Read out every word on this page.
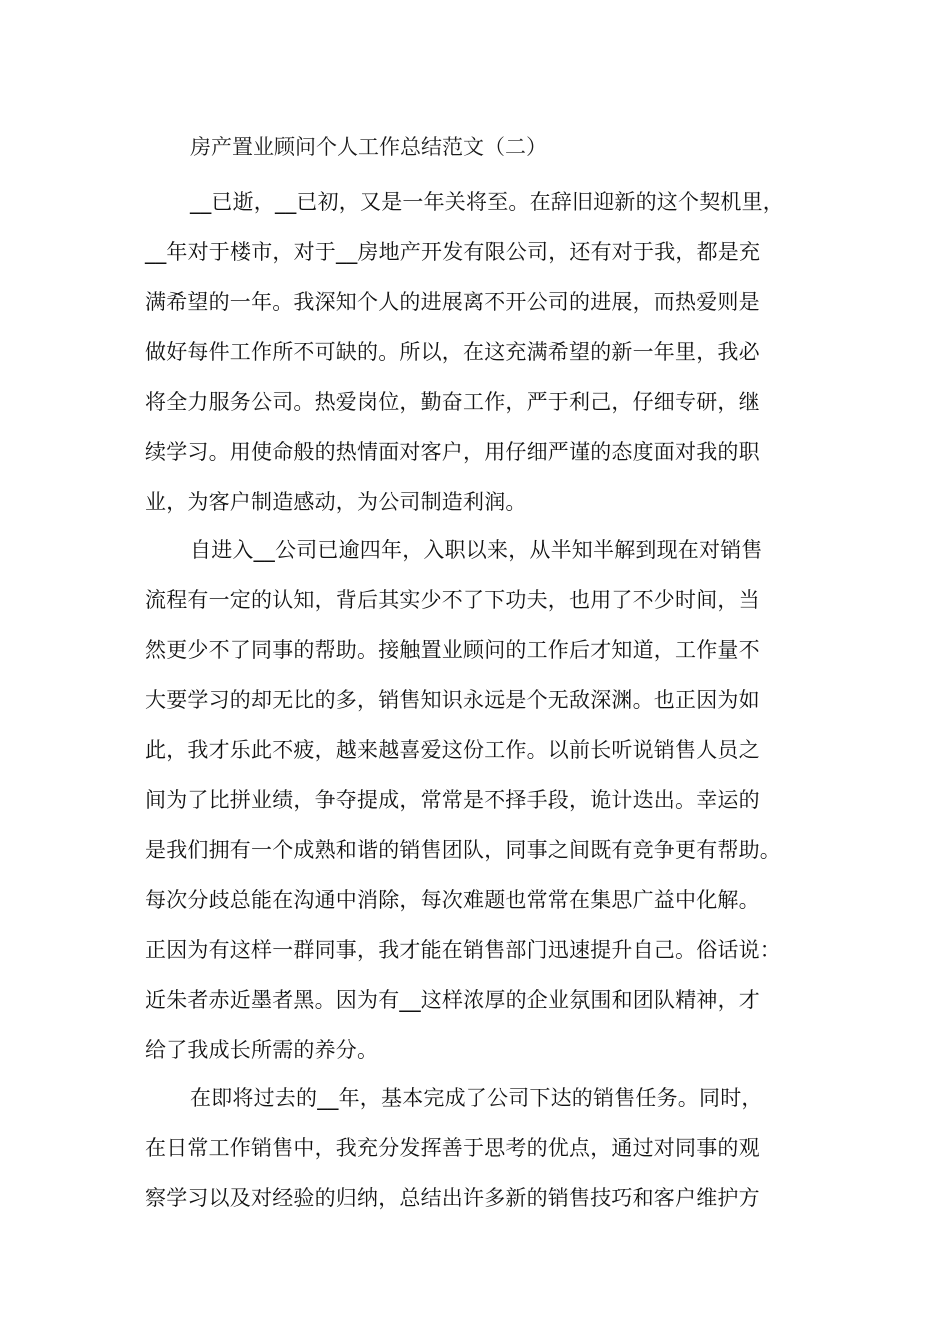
房产置业顾问个人工作总结范文（二）
__已逝，__已初，又是一年关将至。在辞旧迎新的这个契机里，
__年对于楼市，对于__房地产开发有限公司，还有对于我，都是充
满希望的一年。我深知个人的进展离不开公司的进展，而热爱则是
做好每件工作所不可缺的。所以，在这充满希望的新一年里，我必
将全力服务公司。热爱岗位，勤奋工作，严于利己，仔细专研，继
续学习。用使命般的热情面对客户，用仔细严谨的态度面对我的职
业，为客户制造感动，为公司制造利润。
自进入__公司已逾四年，入职以来，从半知半解到现在对销售
流程有一定的认知，背后其实少不了下功夫，也用了不少时间，当
然更少不了同事的帮助。接触置业顾问的工作后才知道，工作量不
大要学习的却无比的多，销售知识永远是个无敌深渊。也正因为如
此，我才乐此不疲，越来越喜爱这份工作。以前长听说销售人员之
间为了比拼业绩，争夺提成，常常是不择手段，诡计迭出。幸运的
是我们拥有一个成熟和谐的销售团队，同事之间既有竞争更有帮助。
每次分歧总能在沟通中消除，每次难题也常常在集思广益中化解。
正因为有这样一群同事，我才能在销售部门迅速提升自己。俗话说：
近朱者赤近墨者黑。因为有__这样浓厚的企业氛围和团队精神，才
给了我成长所需的养分。
在即将过去的__年，基本完成了公司下达的销售任务。同时，
在日常工作销售中，我充分发挥善于思考的优点，通过对同事的观
察学习以及对经验的归纳，总结出许多新的销售技巧和客户维护方
